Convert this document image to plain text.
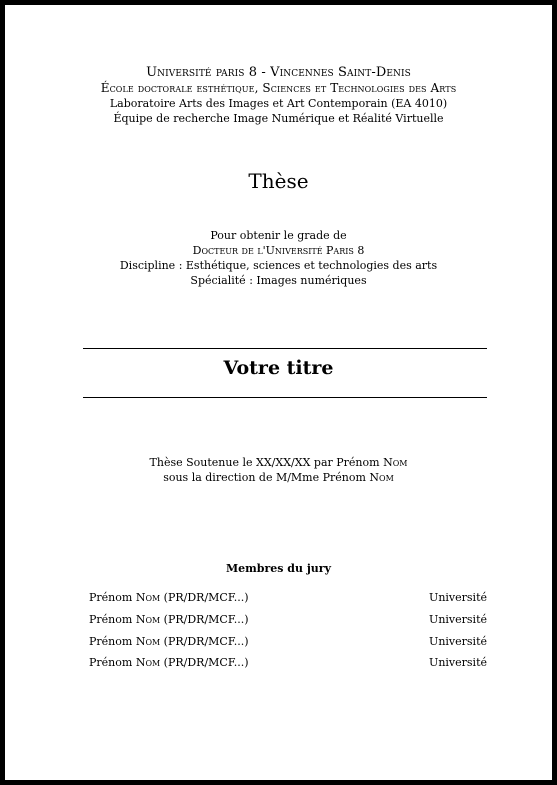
Université paris 8 - Vincennes Saint-Denis
École doctorale esthétique, Sciences et Technologies des Arts
Laboratoire Arts des Images et Art Contemporain (EA 4010)
Équipe de recherche Image Numérique et Réalité Virtuelle
Thèse
Pour obtenir le grade de
Docteur de l'Université Paris 8
Discipline : Esthétique, sciences et technologies des arts
Spécialité : Images numériques
Votre titre
Thèse Soutenue le XX/XX/XX par Prénom Nom
sous la direction de M/Mme Prénom Nom
Membres du jury
Prénom Nom (PR/DR/MCF...)	Université
Prénom Nom (PR/DR/MCF...)	Université
Prénom Nom (PR/DR/MCF...)	Université
Prénom Nom (PR/DR/MCF...)	Université
